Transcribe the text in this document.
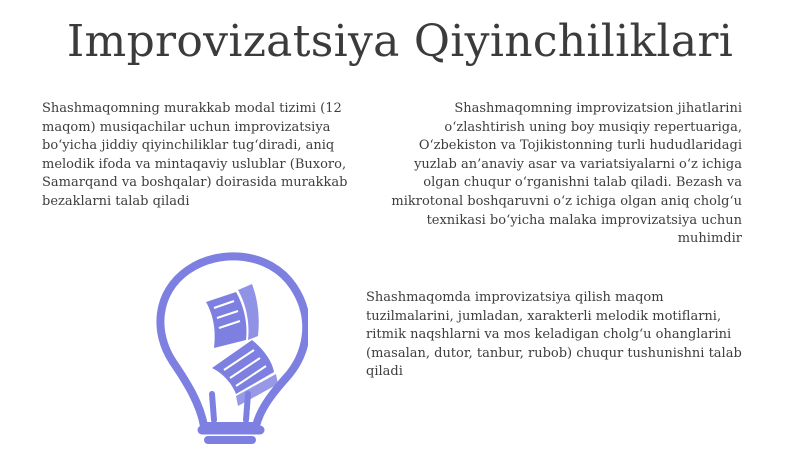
Improvizatsiya Qiyinchiliklari

Shashmaqomning murakkab modal tizimi (12 maqom) musiqachilar uchun improvizatsiya bo‘yicha jiddiy qiyinchiliklar tug‘diradi, aniq melodik ifoda va mintaqaviy uslublar (Buxoro, Samarqand va boshqalar) doirasida murakkab bezaklarni talab qiladi

Shashmaqomning improvizatsion jihatlarini o‘zlashtirish uning boy musiqiy repertuariga, O‘zbekiston va Tojikistonning turli hududlaridagi yuzlab an’anaviy asar va variatsiyalarni o‘z ichiga olgan chuqur o‘rganishni talab qiladi. Bezash va mikrotonal boshqaruvni o‘z ichiga olgan aniq cholg‘u texnikasi bo‘yicha malaka improvizatsiya uchun muhimdir

Shashmaqomda improvizatsiya qilish maqom tuzilmalarini, jumladan, xarakterli melodik motiflarni, ritmik naqshlarni va mos keladigan cholg‘u ohanglarini (masalan, dutor, tanbur, rubob) chuqur tushunishni talab qiladi
